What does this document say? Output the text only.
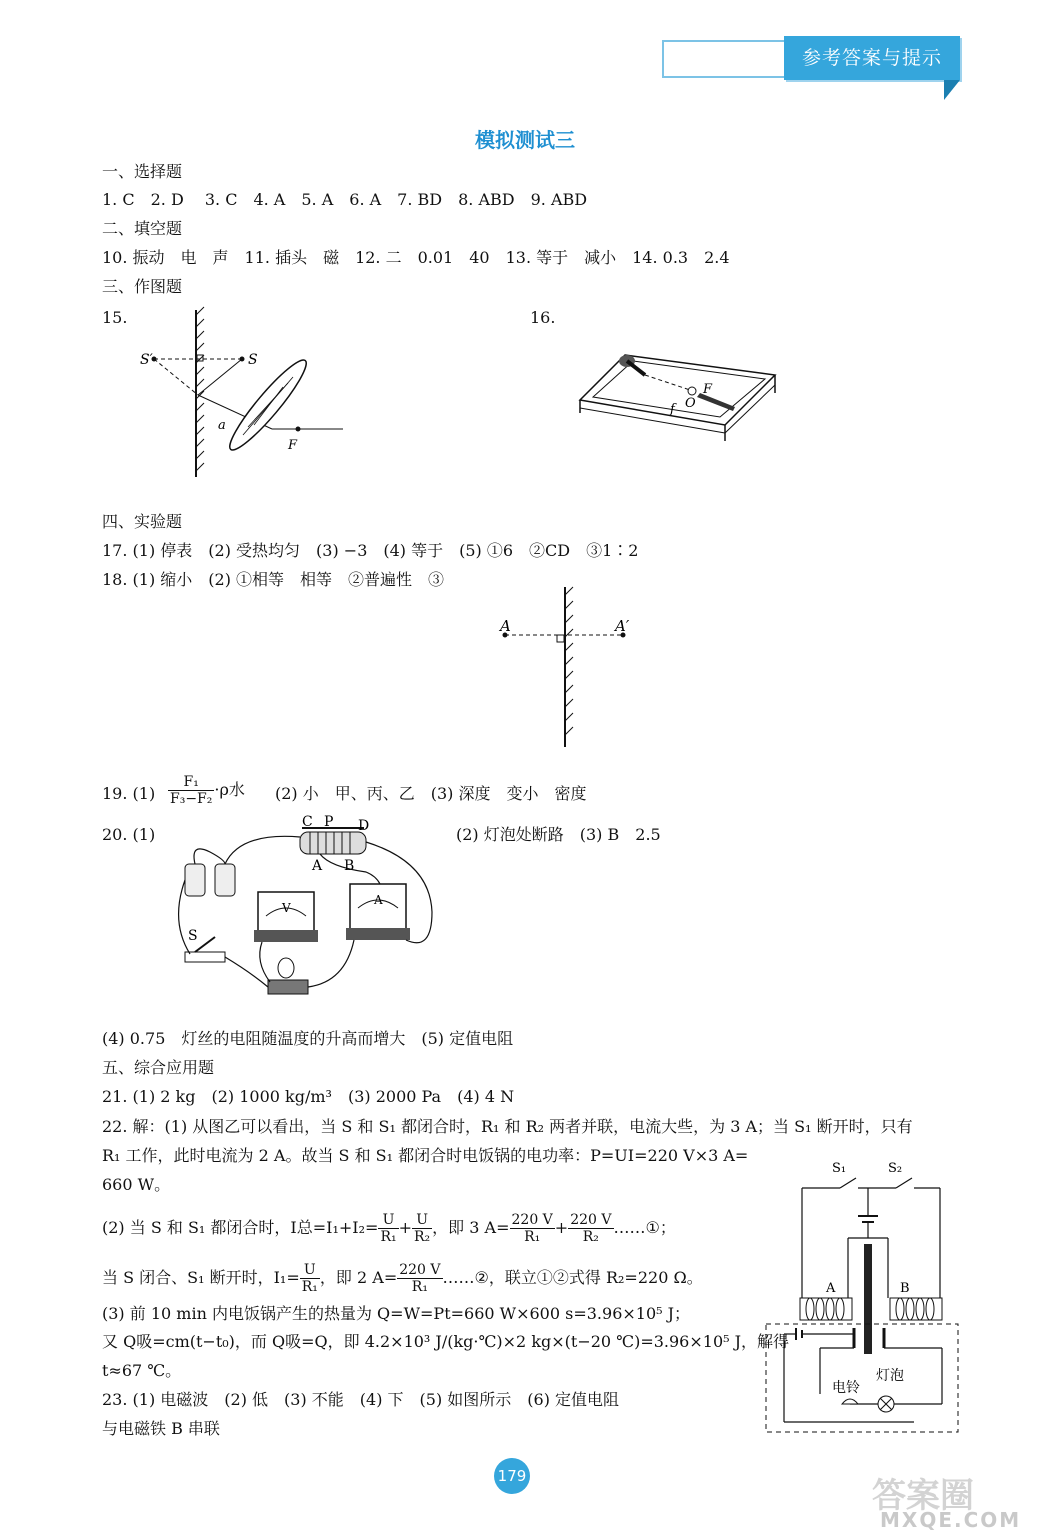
参考答案与提示
模拟测试三
一、选择题
1. C　2. D　 3. C　4. A　5. A　6. A　7. BD　8. ABD　9. ABD
二、填空题
10. 振动　电　声　11. 插头　磁　12. 二　0.01　40　13. 等于　减小　14. 0.3　2.4
三、作图题
15.	16.
S′	S
a
F
f O
F
四、实验题
17. (1) 停表　(2) 受热均匀　(3) −3　(4) 等于　(5) ①6　②CD　③1∶2
18. (1) 缩小　(2) ①相等　相等　②普遍性　③
A	A′
19. $(1) \frac{\text{F₁}}{\text{F₃−F₂}} \cdot\rho$水 (2) 小　甲、丙、乙　(3) 深度　变小　密度
20. (1)	(2) 灯泡处断路　(3) B　2.5
C P D
A B
S
V
A
(4) 0.75　灯丝的电阻随温度的升高而增大　(5) 定值电阻
五、综合应用题
21. (1) 2 kg　(2) 1000 kg/m³　(3) 2000 Pa　(4) 4 N
22. 解：(1) 从图乙可以看出，当 S 和 S₁ 都闭合时，R₁ 和 R₂ 两者并联，电流大些，为 3 A；当 S₁ 断开时，只有
R₁ 工作，此时电流为 2 A。故当 S 和 S₁ 都闭合时电饭锅的电功率：P=UI=220 V×3 A=
660 W。
(2) 当 S 和 S₁ 都闭合时，I总$=I_1+I_2= \frac{U}{\text{R₁}} + \frac{U}{\text{R₂}}$ ，即 3 $A= \frac{220 V}{\text{R₁}} + \frac{220 V}{\text{R₂}}$ ……①；
当 S 闭合、S₁ 断开时，$I_1= \frac{U}{\text{R₁}}$ ，即 2 $A= \frac{220 V}{\text{R₁}}$ ……②，联立①②式得 R₂=220 Ω。
(3) 前 10 min 内电饭锅产生的热量为 Q=W=Pt=660 W×600 s=3.96×10⁵ J；
又 Q吸=cm(t−t₀)，而 Q吸=Q，即 4.2×10³ J/(kg·℃)×2 kg×(t−20 ℃)=3.96×10⁵ J，解得
t≈67 ℃。
23. (1) 电磁波　(2) 低　(3) 不能　(4) 下　(5) 如图所示　(6) 定值电阻
与电磁铁 B 串联
S₁	S₂
A	B
电铃
灯泡
179	答案圈
MXQE.COM
